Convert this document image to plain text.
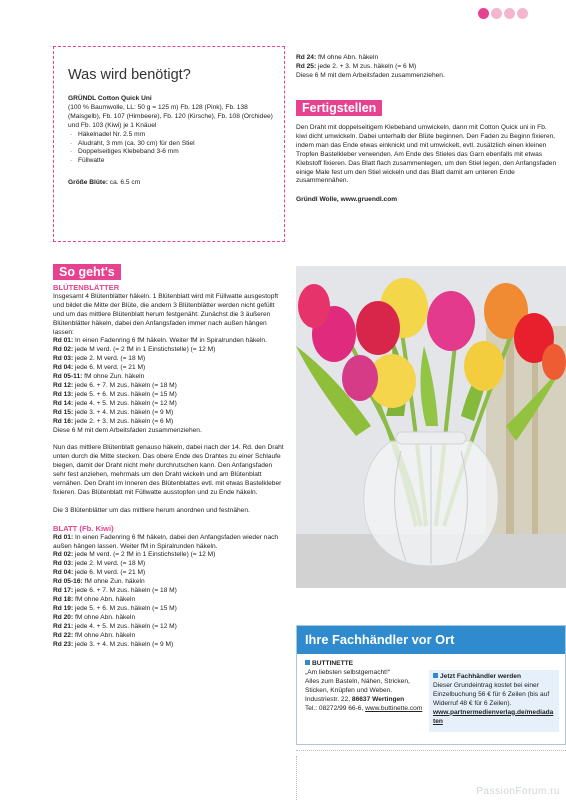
Was wird benötigt?
GRÜNDL Cotton Quick Uni
(100 % Baumwolle, LL: 50 g = 125 m) Fb. 128 (Pink), Fb. 138 (Maisgelb), Fb. 107 (Himbeere), Fb. 120 (Kirsche), Fb. 108 (Orchidee) und Fb. 103 (Kiwi) je 1 Knäuel
· Häkelnadel Nr. 2.5 mm
· Aludraht, 3 mm (ca. 30 cm) für den Stiel
· Doppelseitiges Klebeband 3-6 mm
· Füllwatte
Größe Blüte: ca. 6.5 cm
So geht's
BLÜTENBLÄTTER
Insgesamt 4 Blütenblätter häkeln. 1 Blütenblatt wird mit Füllwatte ausgestopft und bildet die Mitte der Blüte, die andern 3 Blütenblätter werden nicht gefüllt und um das mittlere Blütenblatt herum festgenäht: Zunächst die 3 äußeren Blütenblätter häkeln, dabei den Anfangsfaden immer nach außen hängen lassen:
Rd 01: In einen Fadenring 6 fM häkeln. Weiter fM in Spiralrunden häkeln.
Rd 02: jede M verd. (= 2 fM in 1 Einstichstelle) (= 12 M)
Rd 03: jede 2. M verd. (= 18 M)
Rd 04: jede 6. M verd. (= 21 M)
Rd 05-11: fM ohne Zun. häkeln
Rd 12: jede 6. + 7. M zus. häkeln (= 18 M)
Rd 13: jede 5. + 6. M zus. häkeln (= 15 M)
Rd 14: jede 4. + 5. M zus. häkeln (= 12 M)
Rd 15: jede 3. + 4. M zus. häkeln (= 9 M)
Rd 16: jede 2. + 3. M zus. häkeln (= 6 M)
Diese 6 M mit dem Arbeitsfaden zusammenziehen.
Nun das mittlere Blütenblatt genauso häkeln, dabei nach der 14. Rd. den Draht unten durch die Mitte stecken. Das obere Ende des Drahtes zu einer Schlaufe biegen, damit der Draht nicht mehr durchrutschen kann. Den Anfangsfaden sehr fest anziehen, mehrmals um den Draht wickeln und am Blütenblatt vernähen. Den Draht im Inneren des Blütenblattes evtl. mit etwas Bastelkleber fixieren. Das Blütenblatt mit Füllwatte ausstopfen und zu Ende häkeln.
Die 3 Blütenblätter um das mittlere herum anordnen und festnähen.
BLATT (Fb. Kiwi)
Rd 01: In einen Fadenring 6 fM häkeln, dabei den Anfangsfaden wieder nach außen hängen lassen. Weiter fM in Spiralrunden häkeln.
Rd 02: jede M verd. (= 2 fM in 1 Einstichstelle) (= 12 M)
Rd 03: jede 2. M verd. (= 18 M)
Rd 04: jede 6. M verd. (= 21 M)
Rd 05-16: fM ohne Zun. häkeln
Rd 17: jede 6. + 7. M zus. häkeln (= 18 M)
Rd 18: fM ohne Abn. häkeln
Rd 19: jede 5. + 6. M zus. häkeln (= 15 M)
Rd 20: fM ohne Abn. häkeln
Rd 21: jede 4. + 5. M zus. häkeln (= 12 M)
Rd 22: fM ohne Abn. häkeln
Rd 23: jede 3. + 4. M zus. häkeln (= 9 M)
Rd 24: fM ohne Abn. häkeln
Rd 25: jede 2. + 3. M zus. häkeln (= 6 M)
Diese 6 M mit dem Arbeitsfaden zusammenziehen.
Fertigstellen
Den Draht mit doppelseitigem Klebeband umwickeln, dann mit Cotton Quick uni in Fb. kiwi dicht umwickeln. Dabei unterhalb der Blüte beginnen. Den Faden zu Beginn fixieren, indem man das Ende etwas einknickt und mit umwickelt, evtl. zusätzlich einen kleinen Tropfen Bastelkleber verwenden. Am Ende des Stieles das Garn ebenfalls mit etwas Klebstoff fixieren. Das Blatt flach zusammenlegen, um den Stiel legen, den Anfangsfaden einige Male fest um den Stiel wickeln und das Blatt damit am unteren Ende zusammennähen.
Gründl Wolle, www.gruendl.com
Ihre Fachhändler vor Ort
BUTTINETTE
„Am liebsten selbstgemacht!“
Alles zum Basteln, Nähen, Stricken, Sticken, Knüpfen und Weben.
Industriestr. 22, 86637 Wertingen
Tel.: 08272/99 66-6, www.buttinette.com
Jetzt Fachhändler werden
Dieser Grundeintrag kostet bei einer Einzelbuchung 56 € für 6 Zeilen (bis auf Widerruf 48 € für 6 Zeilen).
www.partnermedienverlag.de/mediadaten
PassionForum.ru
